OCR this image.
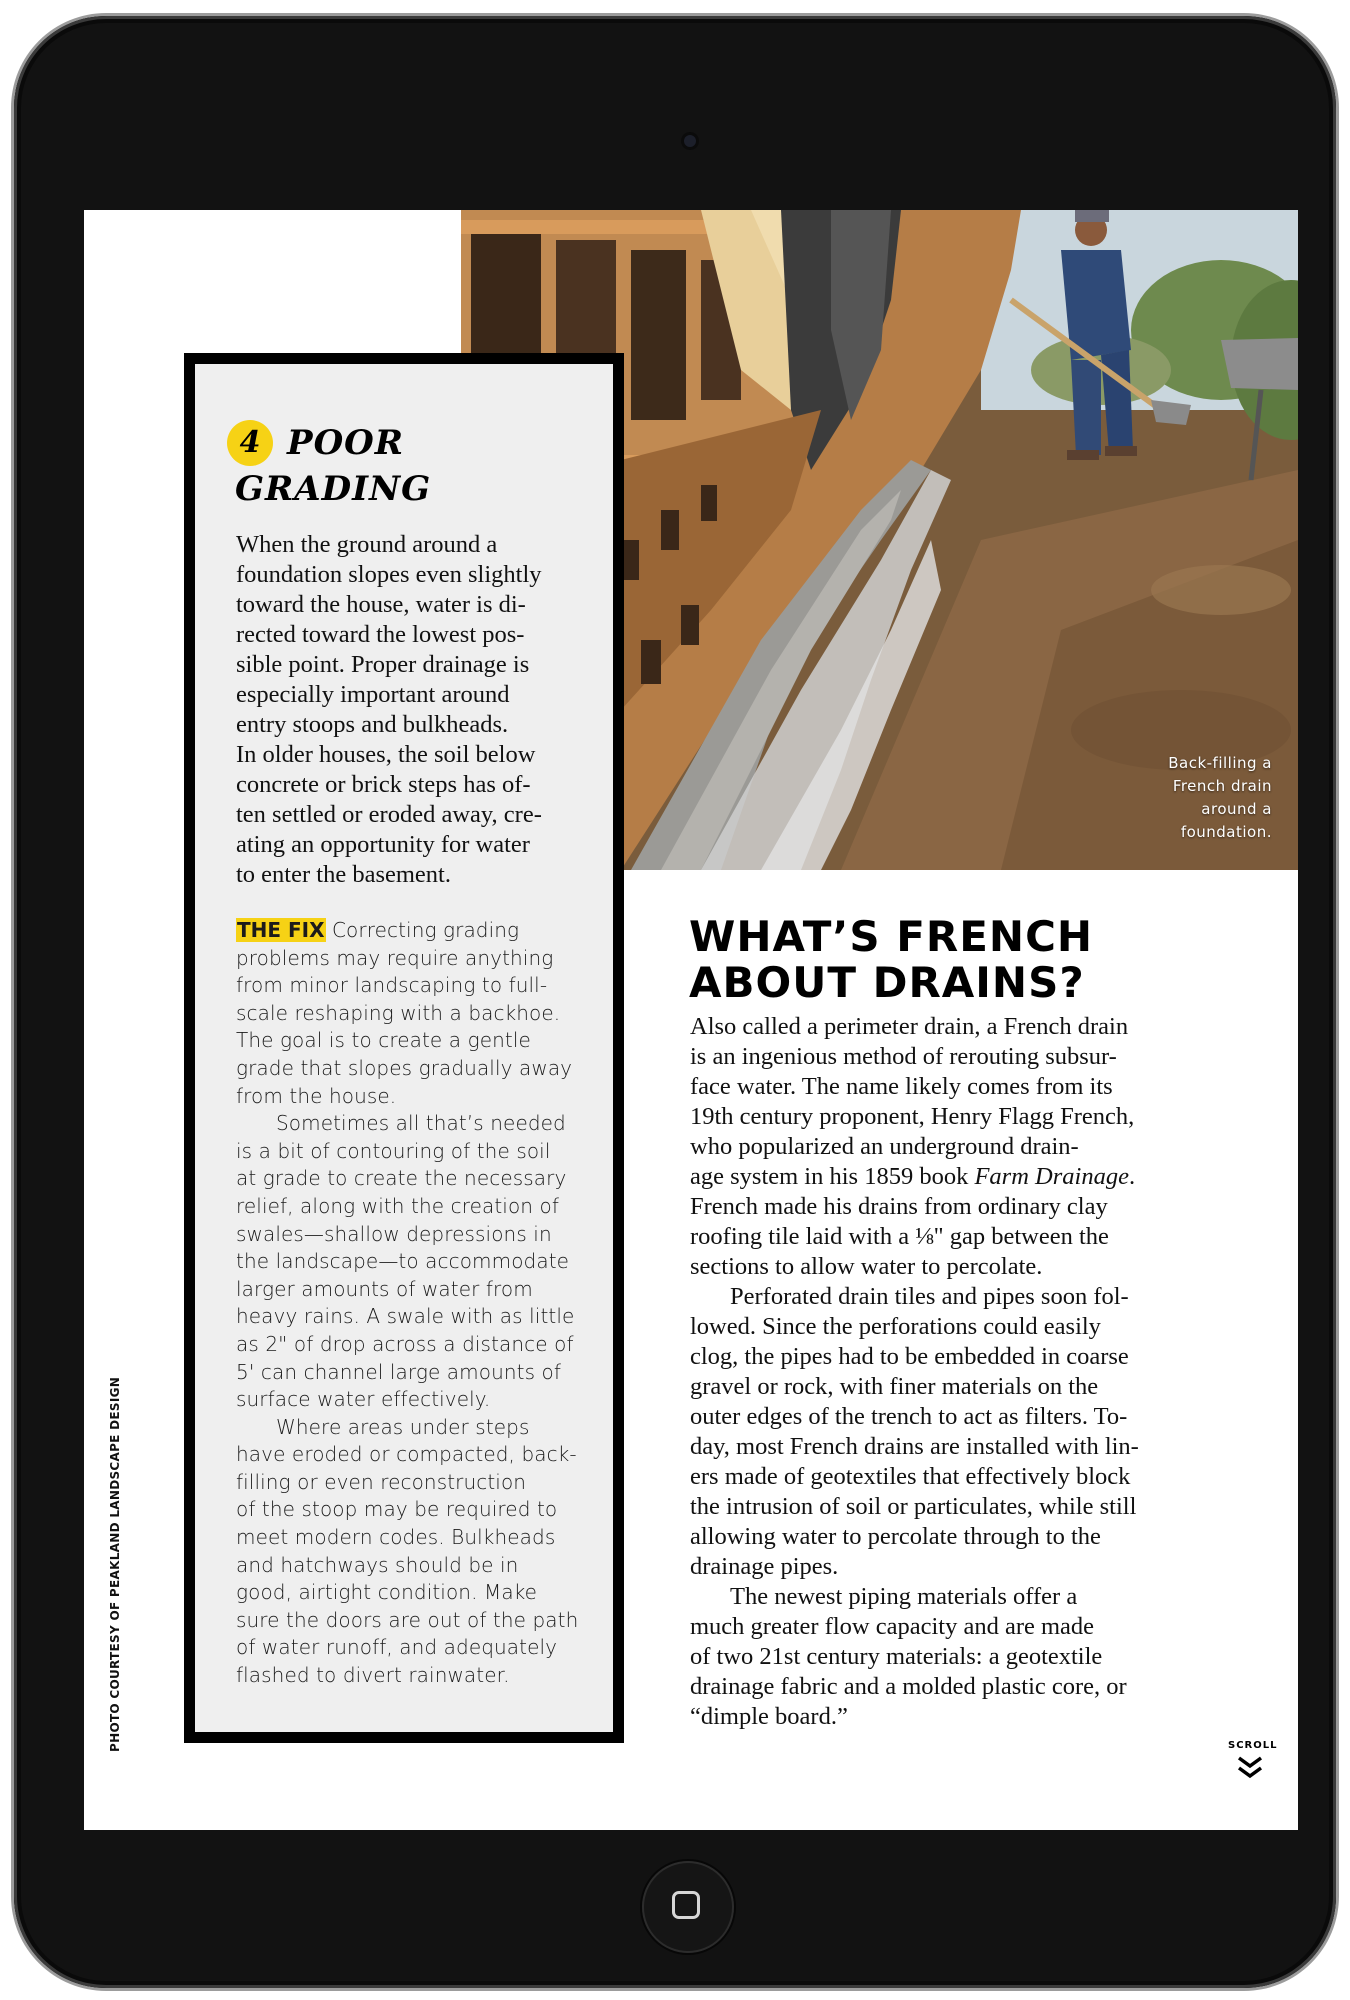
Back-filling a
French drain
around a
foundation.
4 POOR
GRADING
When the ground around a
foundation slopes even slightly
toward the house, water is di-
rected toward the lowest pos-
sible point. Proper drainage is
especially important around
entry stoops and bulkheads.
In older houses, the soil below
concrete or brick steps has of-
ten settled or eroded away, cre-
ating an opportunity for water
to enter the basement.
THE FIX Correcting grading
problems may require anything
from minor landscaping to full-
scale reshaping with a backhoe.
The goal is to create a gentle
grade that slopes gradually away
from the house.
Sometimes all that’s needed
is a bit of contouring of the soil
at grade to create the necessary
relief, along with the creation of
swales—shallow depressions in
the landscape—to accommodate
larger amounts of water from
heavy rains. A swale with as little
as 2" of drop across a distance of
5' can channel large amounts of
surface water effectively.
Where areas under steps
have eroded or compacted, back-
filling or even reconstruction
of the stoop may be required to
meet modern codes. Bulkheads
and hatchways should be in
good, airtight condition. Make
sure the doors are out of the path
of water runoff, and adequately
flashed to divert rainwater.
PHOTO COURTESY OF PEAKLAND LANDSCAPE DESIGN
WHAT’S FRENCH
ABOUT DRAINS?
Also called a perimeter drain, a French drain
is an ingenious method of rerouting subsur-
face water. The name likely comes from its
19th century proponent, Henry Flagg French,
who popularized an underground drain-
age system in his 1859 book Farm Drainage.
French made his drains from ordinary clay
roofing tile laid with a ⅛" gap between the
sections to allow water to percolate.
Perforated drain tiles and pipes soon fol-
lowed. Since the perforations could easily
clog, the pipes had to be embedded in coarse
gravel or rock, with finer materials on the
outer edges of the trench to act as filters. To-
day, most French drains are installed with lin-
ers made of geotextiles that effectively block
the intrusion of soil or particulates, while still
allowing water to percolate through to the
drainage pipes.
The newest piping materials offer a
much greater flow capacity and are made
of two 21st century materials: a geotextile
drainage fabric and a molded plastic core, or
“dimple board.”
SCROLL
